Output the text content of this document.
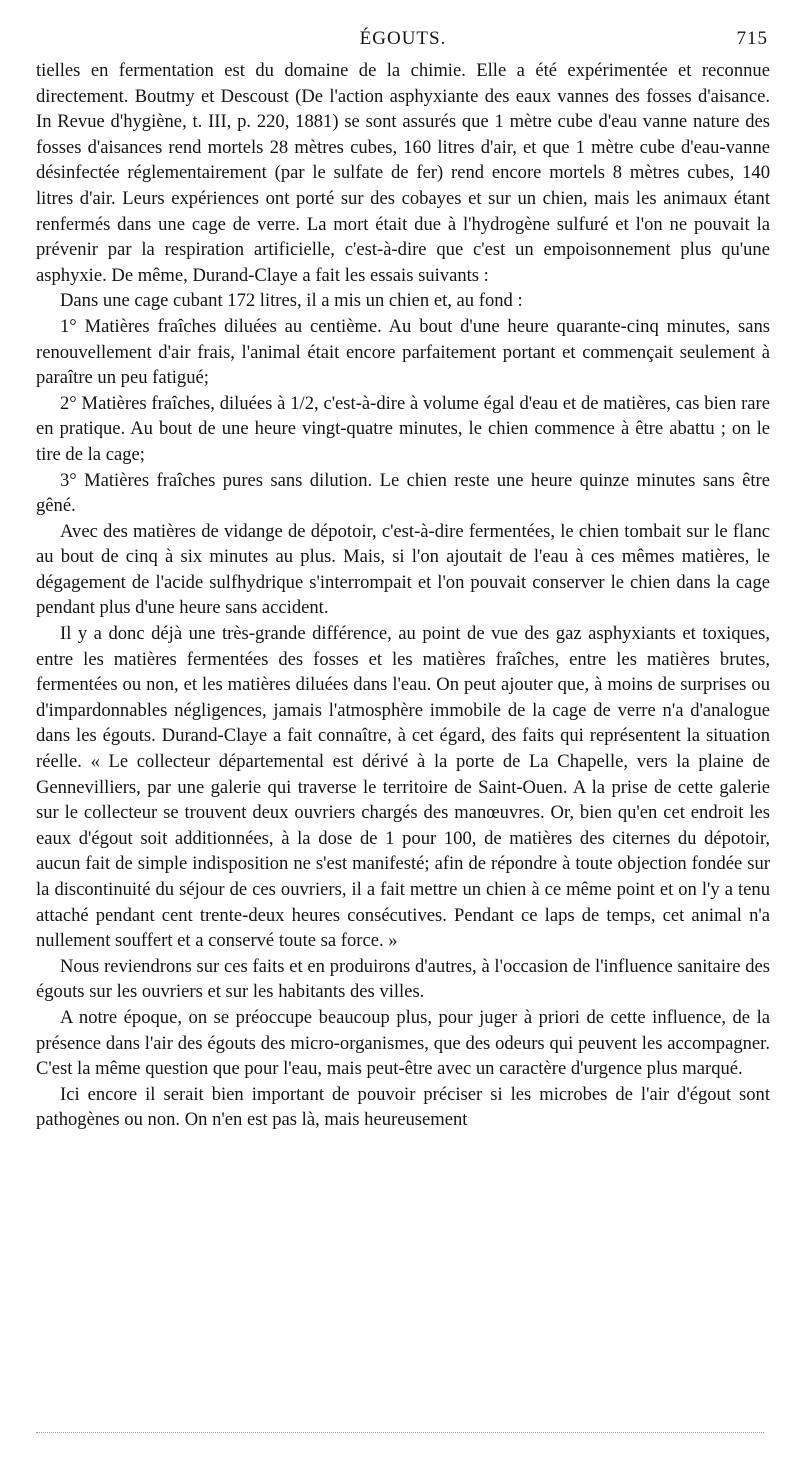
ÉGOUTS.	715

tielles en fermentation est du domaine de la chimie. Elle a été expérimentée et reconnue directement. Boutmy et Descoust (De l'action asphyxiante des eaux vannes des fosses d'aisance. In Revue d'hygiène, t. III, p. 220, 1881) se sont assurés que 1 mètre cube d'eau vanne nature des fosses d'aisances rend mortels 28 mètres cubes, 160 litres d'air, et que 1 mètre cube d'eau-vanne désinfectée réglementairement (par le sulfate de fer) rend encore mortels 8 mètres cubes, 140 litres d'air. Leurs expériences ont porté sur des cobayes et sur un chien, mais les animaux étant renfermés dans une cage de verre. La mort était due à l'hydrogène sulfuré et l'on ne pouvait la prévenir par la respiration artificielle, c'est-à-dire que c'est un empoisonnement plus qu'une asphyxie. De même, Durand-Claye a fait les essais suivants :

Dans une cage cubant 172 litres, il a mis un chien et, au fond :

1° Matières fraîches diluées au centième. Au bout d'une heure quarante-cinq minutes, sans renouvellement d'air frais, l'animal était encore parfaitement portant et commençait seulement à paraître un peu fatigué;

2° Matières fraîches, diluées à 1/2, c'est-à-dire à volume égal d'eau et de matières, cas bien rare en pratique. Au bout de une heure vingt-quatre minutes, le chien commence à être abattu ; on le tire de la cage;

3° Matières fraîches pures sans dilution. Le chien reste une heure quinze minutes sans être gêné.

Avec des matières de vidange de dépotoir, c'est-à-dire fermentées, le chien tombait sur le flanc au bout de cinq à six minutes au plus. Mais, si l'on ajoutait de l'eau à ces mêmes matières, le dégagement de l'acide sulfhydrique s'interrompait et l'on pouvait conserver le chien dans la cage pendant plus d'une heure sans accident.

Il y a donc déjà une très-grande différence, au point de vue des gaz asphyxiants et toxiques, entre les matières fermentées des fosses et les matières fraîches, entre les matières brutes, fermentées ou non, et les matières diluées dans l'eau. On peut ajouter que, à moins de surprises ou d'impardonnables négligences, jamais l'atmosphère immobile de la cage de verre n'a d'analogue dans les égouts. Durand-Claye a fait connaître, à cet égard, des faits qui représentent la situation réelle. « Le collecteur départemental est dérivé à la porte de La Chapelle, vers la plaine de Gennevilliers, par une galerie qui traverse le territoire de Saint-Ouen. A la prise de cette galerie sur le collecteur se trouvent deux ouvriers chargés des manœuvres. Or, bien qu'en cet endroit les eaux d'égout soit additionnées, à la dose de 1 pour 100, de matières des citernes du dépotoir, aucun fait de simple indisposition ne s'est manifesté; afin de répondre à toute objection fondée sur la discontinuité du séjour de ces ouvriers, il a fait mettre un chien à ce même point et on l'y a tenu attaché pendant cent trente-deux heures consécutives. Pendant ce laps de temps, cet animal n'a nullement souffert et a conservé toute sa force. »

Nous reviendrons sur ces faits et en produirons d'autres, à l'occasion de l'influence sanitaire des égouts sur les ouvriers et sur les habitants des villes.

A notre époque, on se préoccupe beaucoup plus, pour juger à priori de cette influence, de la présence dans l'air des égouts des micro-organismes, que des odeurs qui peuvent les accompagner. C'est la même question que pour l'eau, mais peut-être avec un caractère d'urgence plus marqué.

Ici encore il serait bien important de pouvoir préciser si les microbes de l'air d'égout sont pathogènes ou non. On n'en est pas là, mais heureusement
